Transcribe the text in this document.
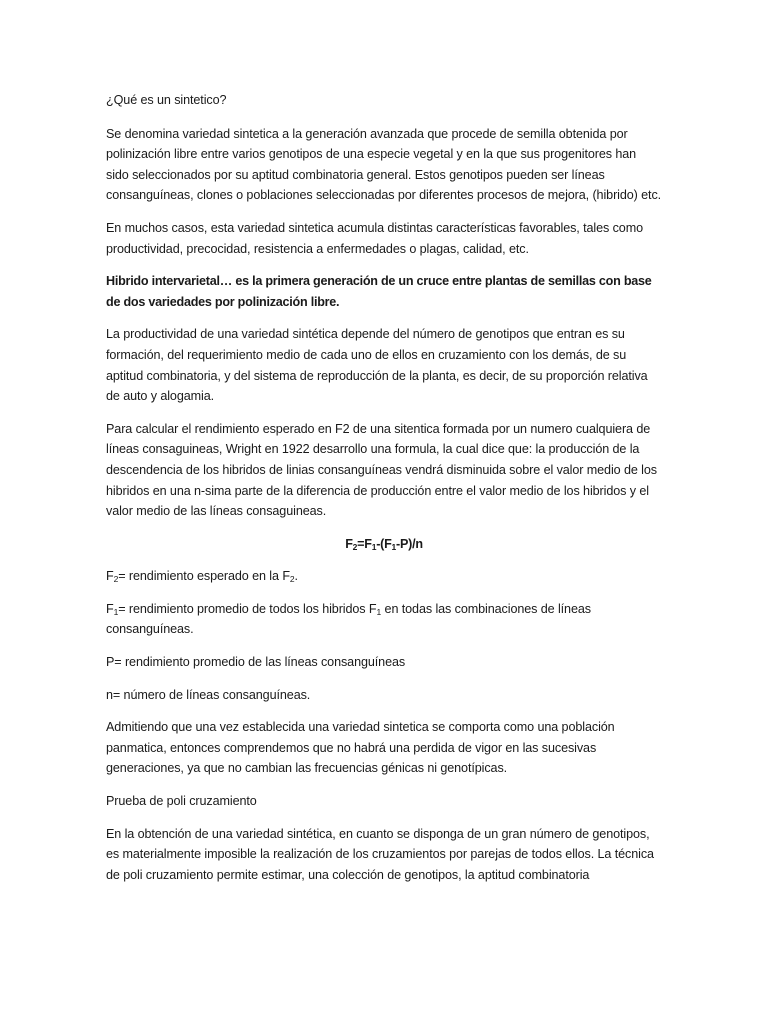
¿Qué es un sintetico?

Se denomina variedad sintetica a la generación avanzada que procede de semilla obtenida por polinización libre entre varios genotipos de una especie vegetal y en la que sus progenitores han sido seleccionados por su aptitud combinatoria general. Estos genotipos pueden ser líneas consanguíneas, clones o poblaciones seleccionadas por diferentes procesos de mejora, (hibrido) etc.

En muchos casos, esta variedad sintetica acumula distintas características favorables, tales como productividad, precocidad, resistencia a enfermedades o plagas, calidad, etc.

Hibrido intervarietal… es la primera generación de un cruce entre plantas de semillas con base de dos variedades por polinización libre.

La productividad de una variedad sintética depende del número de genotipos que entran es su formación, del requerimiento medio de cada uno de ellos en cruzamiento con los demás, de su aptitud combinatoria, y del sistema de reproducción de la planta, es decir, de su proporción relativa de auto y alogamia.

Para calcular el rendimiento esperado en F2 de una sitentica formada por un numero cualquiera de líneas consaguineas, Wright en 1922 desarrollo una formula, la cual dice que: la producción de la descendencia de los hibridos de linias consanguíneas vendrá disminuida sobre el valor medio de los hibridos en una n-sima parte de la diferencia de producción entre el valor medio de los hibridos y el valor medio de las líneas consaguineas.

$F_2=F_1-(F_1-P)/n$

$F_2=$ rendimiento esperado en la $F_2$.

$F_1=$ rendimiento promedio de todos los hibridos $F_1$ en todas las combinaciones de líneas consanguíneas.

P= rendimiento promedio de las líneas consanguíneas

n= número de líneas consanguíneas.

Admitiendo que una vez establecida una variedad sintetica se comporta como una población panmatica, entonces comprendemos que no habrá una perdida de vigor en las sucesivas generaciones, ya que no cambian las frecuencias génicas ni genotípicas.

Prueba de poli cruzamiento

En la obtención de una variedad sintética, en cuanto se disponga de un gran número de genotipos, es materialmente imposible la realización de los cruzamientos por parejas de todos ellos. La técnica de poli cruzamiento permite estimar, una colección de genotipos, la aptitud combinatoria
